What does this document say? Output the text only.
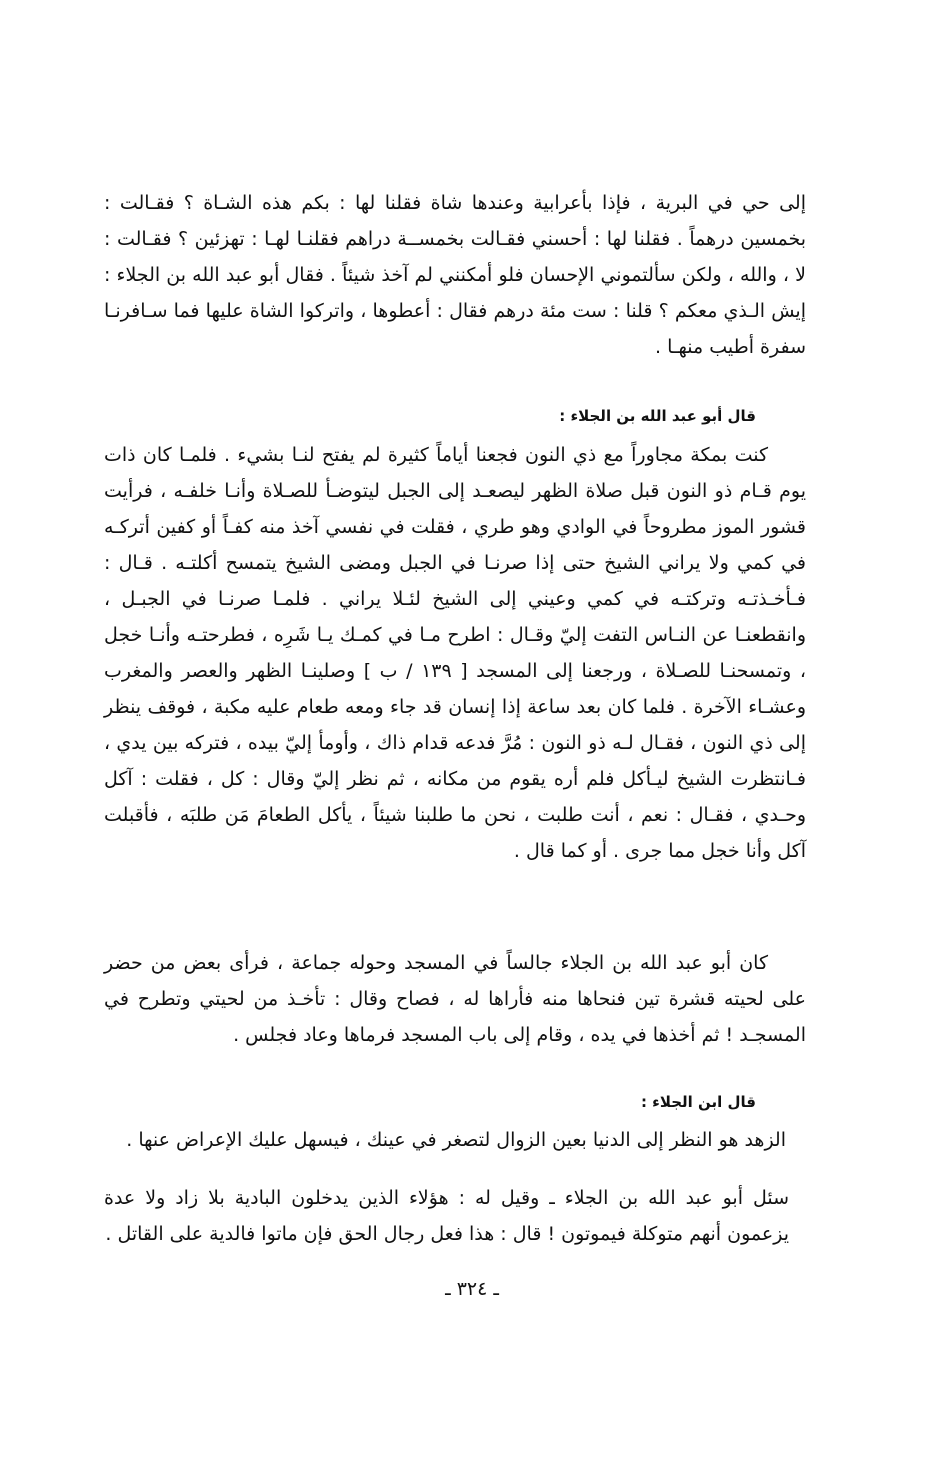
إلى حي في البرية ، فإذا بأعرابية وعندها شاة فقلنا لها : بكم هذه الشـاة ؟ فقـالت : بخمسين درهماً . فقلنا لها : أحسني فقـالت بخمســة دراهم فقلنـا لهـا : تهزئين ؟ فقـالت : لا ، والله ، ولكن سألتموني الإحسان فلو أمكنني لم آخذ شيئاً . فقال أبو عبد الله بن الجلاء : إيش الـذي معكم ؟ قلنا : ست مئة درهم فقال : أعطوها ، واتركوا الشاة عليها فما سـافرنـا سفرة أطيب منهـا .

قال أبو عبد الله بن الجلاء :

كنت بمكة مجاوراً مع ذي النون فجعنا أياماً كثيرة لم يفتح لنـا بشيء . فلمـا كان ذات يوم قـام ذو النون قبل صلاة الظهر ليصعـد إلى الجبل ليتوضـأ للصـلاة وأنـا خلفـه ، فرأيت قشور الموز مطروحاً في الوادي وهو طري ، فقلت في نفسي آخذ منه كفـاً أو كفين أتركـه في كمي ولا يراني الشيخ حتى إذا صرنـا في الجبل ومضى الشيخ يتمسح أكلتـه . قـال : فـأخـذتـه وتركتـه في كمي وعيني إلى الشيخ لئـلا يراني . فلمـا صرنـا في الجبـل ، وانقطعنـا عن النـاس التفت إليّ وقـال : اطرح مـا في كمـك يـا شَرِه ، فطرحتـه وأنـا خجل ، وتمسحنـا للصـلاة ، ورجعنا إلى المسجد [ ١٣٩ / ب ] وصلينـا الظهر والعصر والمغرب وعشـاء الآخرة . فلما كان بعد ساعة إذا إنسان قد جاء ومعه طعام عليه مكبة ، فوقف ينظر إلى ذي النون ، فقـال لـه ذو النون : مُرَّ فدعه قدام ذاك ، وأومأ إليّ بيده ، فتركه بين يدي ، فـانتظرت الشيخ ليـأكل فلم أره يقوم من مكانه ، ثم نظر إليّ وقال : كل ، فقلت : آكل وحـدي ، فقـال : نعم ، أنت طلبت ، نحن ما طلبنا شيئاً ، يأكل الطعامَ مَن طلبَه ، فأقبلت آكل وأنا خجل مما جرى . أو كما قال .

كان أبو عبد الله بن الجلاء جالساً في المسجد وحوله جماعة ، فرأى بعض من حضر على لحيته قشرة تين فنحاها منه فأراها له ، فصاح وقال : تأخـذ من لحيتي وتطرح في المسجـد ! ثم أخذها في يده ، وقام إلى باب المسجد فرماها وعاد فجلس .

قال ابن الجلاء :

الزهد هو النظر إلى الدنيا بعين الزوال لتصغر في عينك ، فيسهل عليك الإعراض عنها .

سئل أبو عبد الله بن الجلاء ـ وقيل له : هؤلاء الذين يدخلون البادية بلا زاد ولا عدة يزعمون أنهم متوكلة فيموتون ! قال : هذا فعل رجال الحق فإن ماتوا فالدية على القاتل .

ـ ٣٢٤ ـ
